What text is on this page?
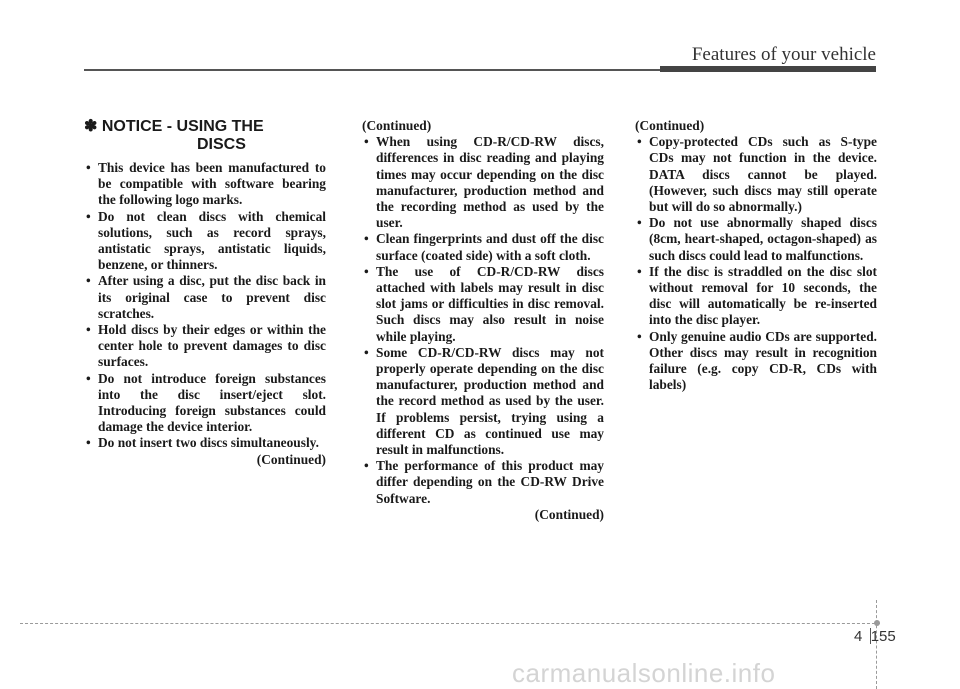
Features of your vehicle
✽ NOTICE - USING THE
DISCS
• This device has been manufactured to be compatible with software bearing the following logo marks.
• Do not clean discs with chemical solutions, such as record sprays, antistatic sprays, antistatic liquids, benzene, or thinners.
• After using a disc, put the disc back in its original case to prevent disc scratches.
• Hold discs by their edges or within the center hole to prevent damages to disc surfaces.
• Do not introduce foreign substances into the disc insert/eject slot. Introducing foreign substances could damage the device interior.
• Do not insert two discs simultaneously.
(Continued)
(Continued)
• When using CD-R/CD-RW discs, differences in disc reading and playing times may occur depending on the disc manufacturer, production method and the recording method as used by the user.
• Clean fingerprints and dust off the disc surface (coated side) with a soft cloth.
• The use of CD-R/CD-RW discs attached with labels may result in disc slot jams or difficulties in disc removal. Such discs may also result in noise while playing.
• Some CD-R/CD-RW discs may not properly operate depending on the disc manufacturer, production method and the record method as used by the user. If problems persist, trying using a different CD as continued use may result in malfunctions.
• The performance of this product may differ depending on the CD-RW Drive Software.
(Continued)
(Continued)
• Copy-protected CDs such as S-type CDs may not function in the device. DATA discs cannot be played. (However, such discs may still operate but will do so abnormally.)
• Do not use abnormally shaped discs (8cm, heart-shaped, octagon-shaped) as such discs could lead to malfunctions.
• If the disc is straddled on the disc slot without removal for 10 seconds, the disc will automatically be re-inserted into the disc player.
• Only genuine audio CDs are supported. Other discs may result in recognition failure (e.g. copy CD-R, CDs with labels)
4 155
carmanualsonline.info
